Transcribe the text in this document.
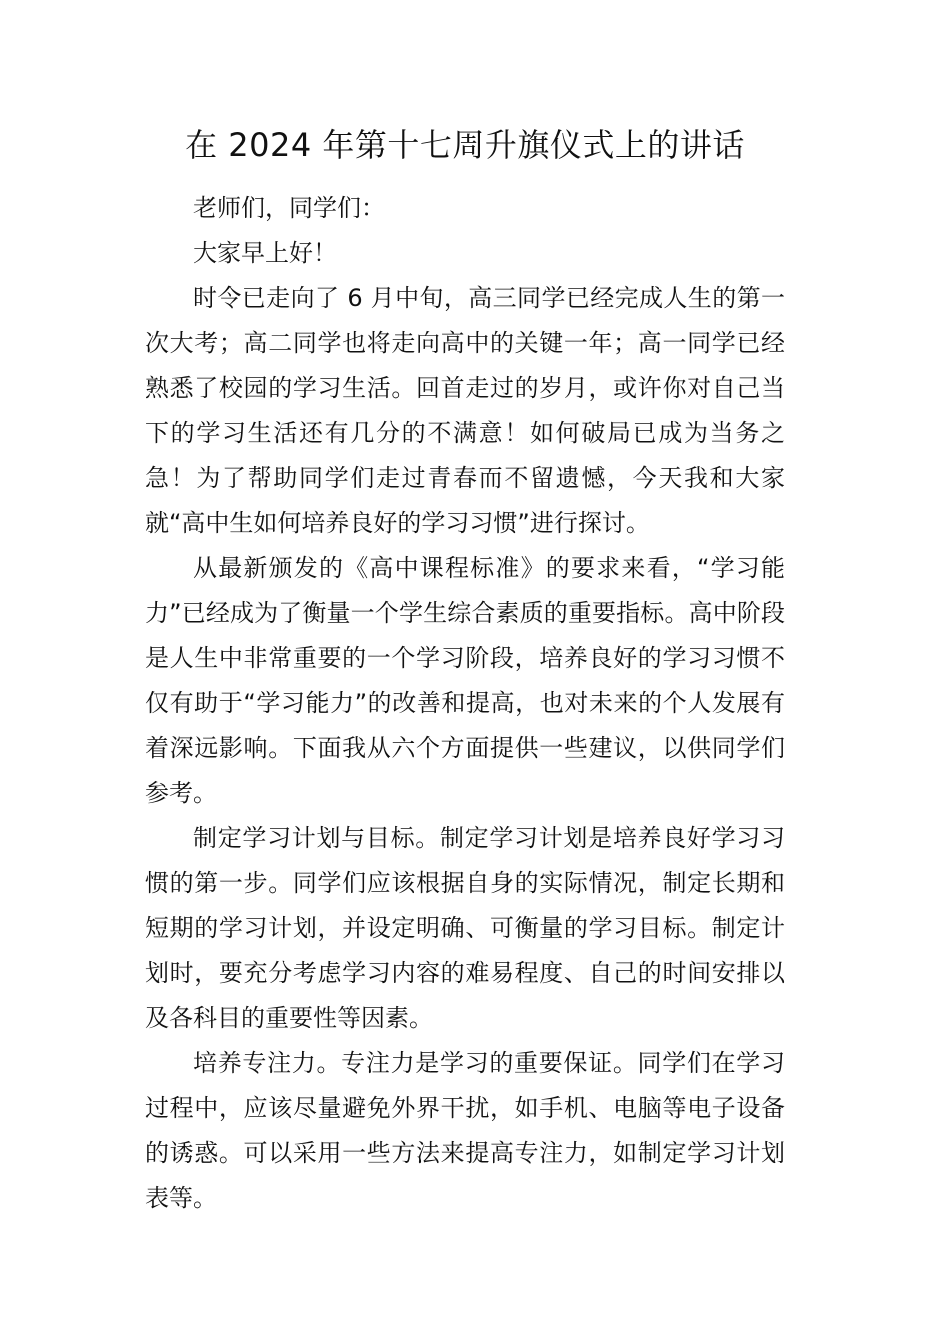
在 2024 年第十七周升旗仪式上的讲话

老师们，同学们：

大家早上好！

时令已走向了 6 月中旬，高三同学已经完成人生的第一次大考；高二同学也将走向高中的关键一年；高一同学已经熟悉了校园的学习生活。回首走过的岁月，或许你对自己当下的学习生活还有几分的不满意！如何破局已成为当务之急！为了帮助同学们走过青春而不留遗憾，今天我和大家就“高中生如何培养良好的学习习惯”进行探讨。

从最新颁发的《高中课程标准》的要求来看，“学习能力”已经成为了衡量一个学生综合素质的重要指标。高中阶段是人生中非常重要的一个学习阶段，培养良好的学习习惯不仅有助于“学习能力”的改善和提高，也对未来的个人发展有着深远影响。下面我从六个方面提供一些建议，以供同学们参考。

制定学习计划与目标。制定学习计划是培养良好学习习惯的第一步。同学们应该根据自身的实际情况，制定长期和短期的学习计划，并设定明确、可衡量的学习目标。制定计划时，要充分考虑学习内容的难易程度、自己的时间安排以及各科目的重要性等因素。

培养专注力。专注力是学习的重要保证。同学们在学习过程中，应该尽量避免外界干扰，如手机、电脑等电子设备的诱惑。可以采用一些方法来提高专注力，如制定学习计划表等。
